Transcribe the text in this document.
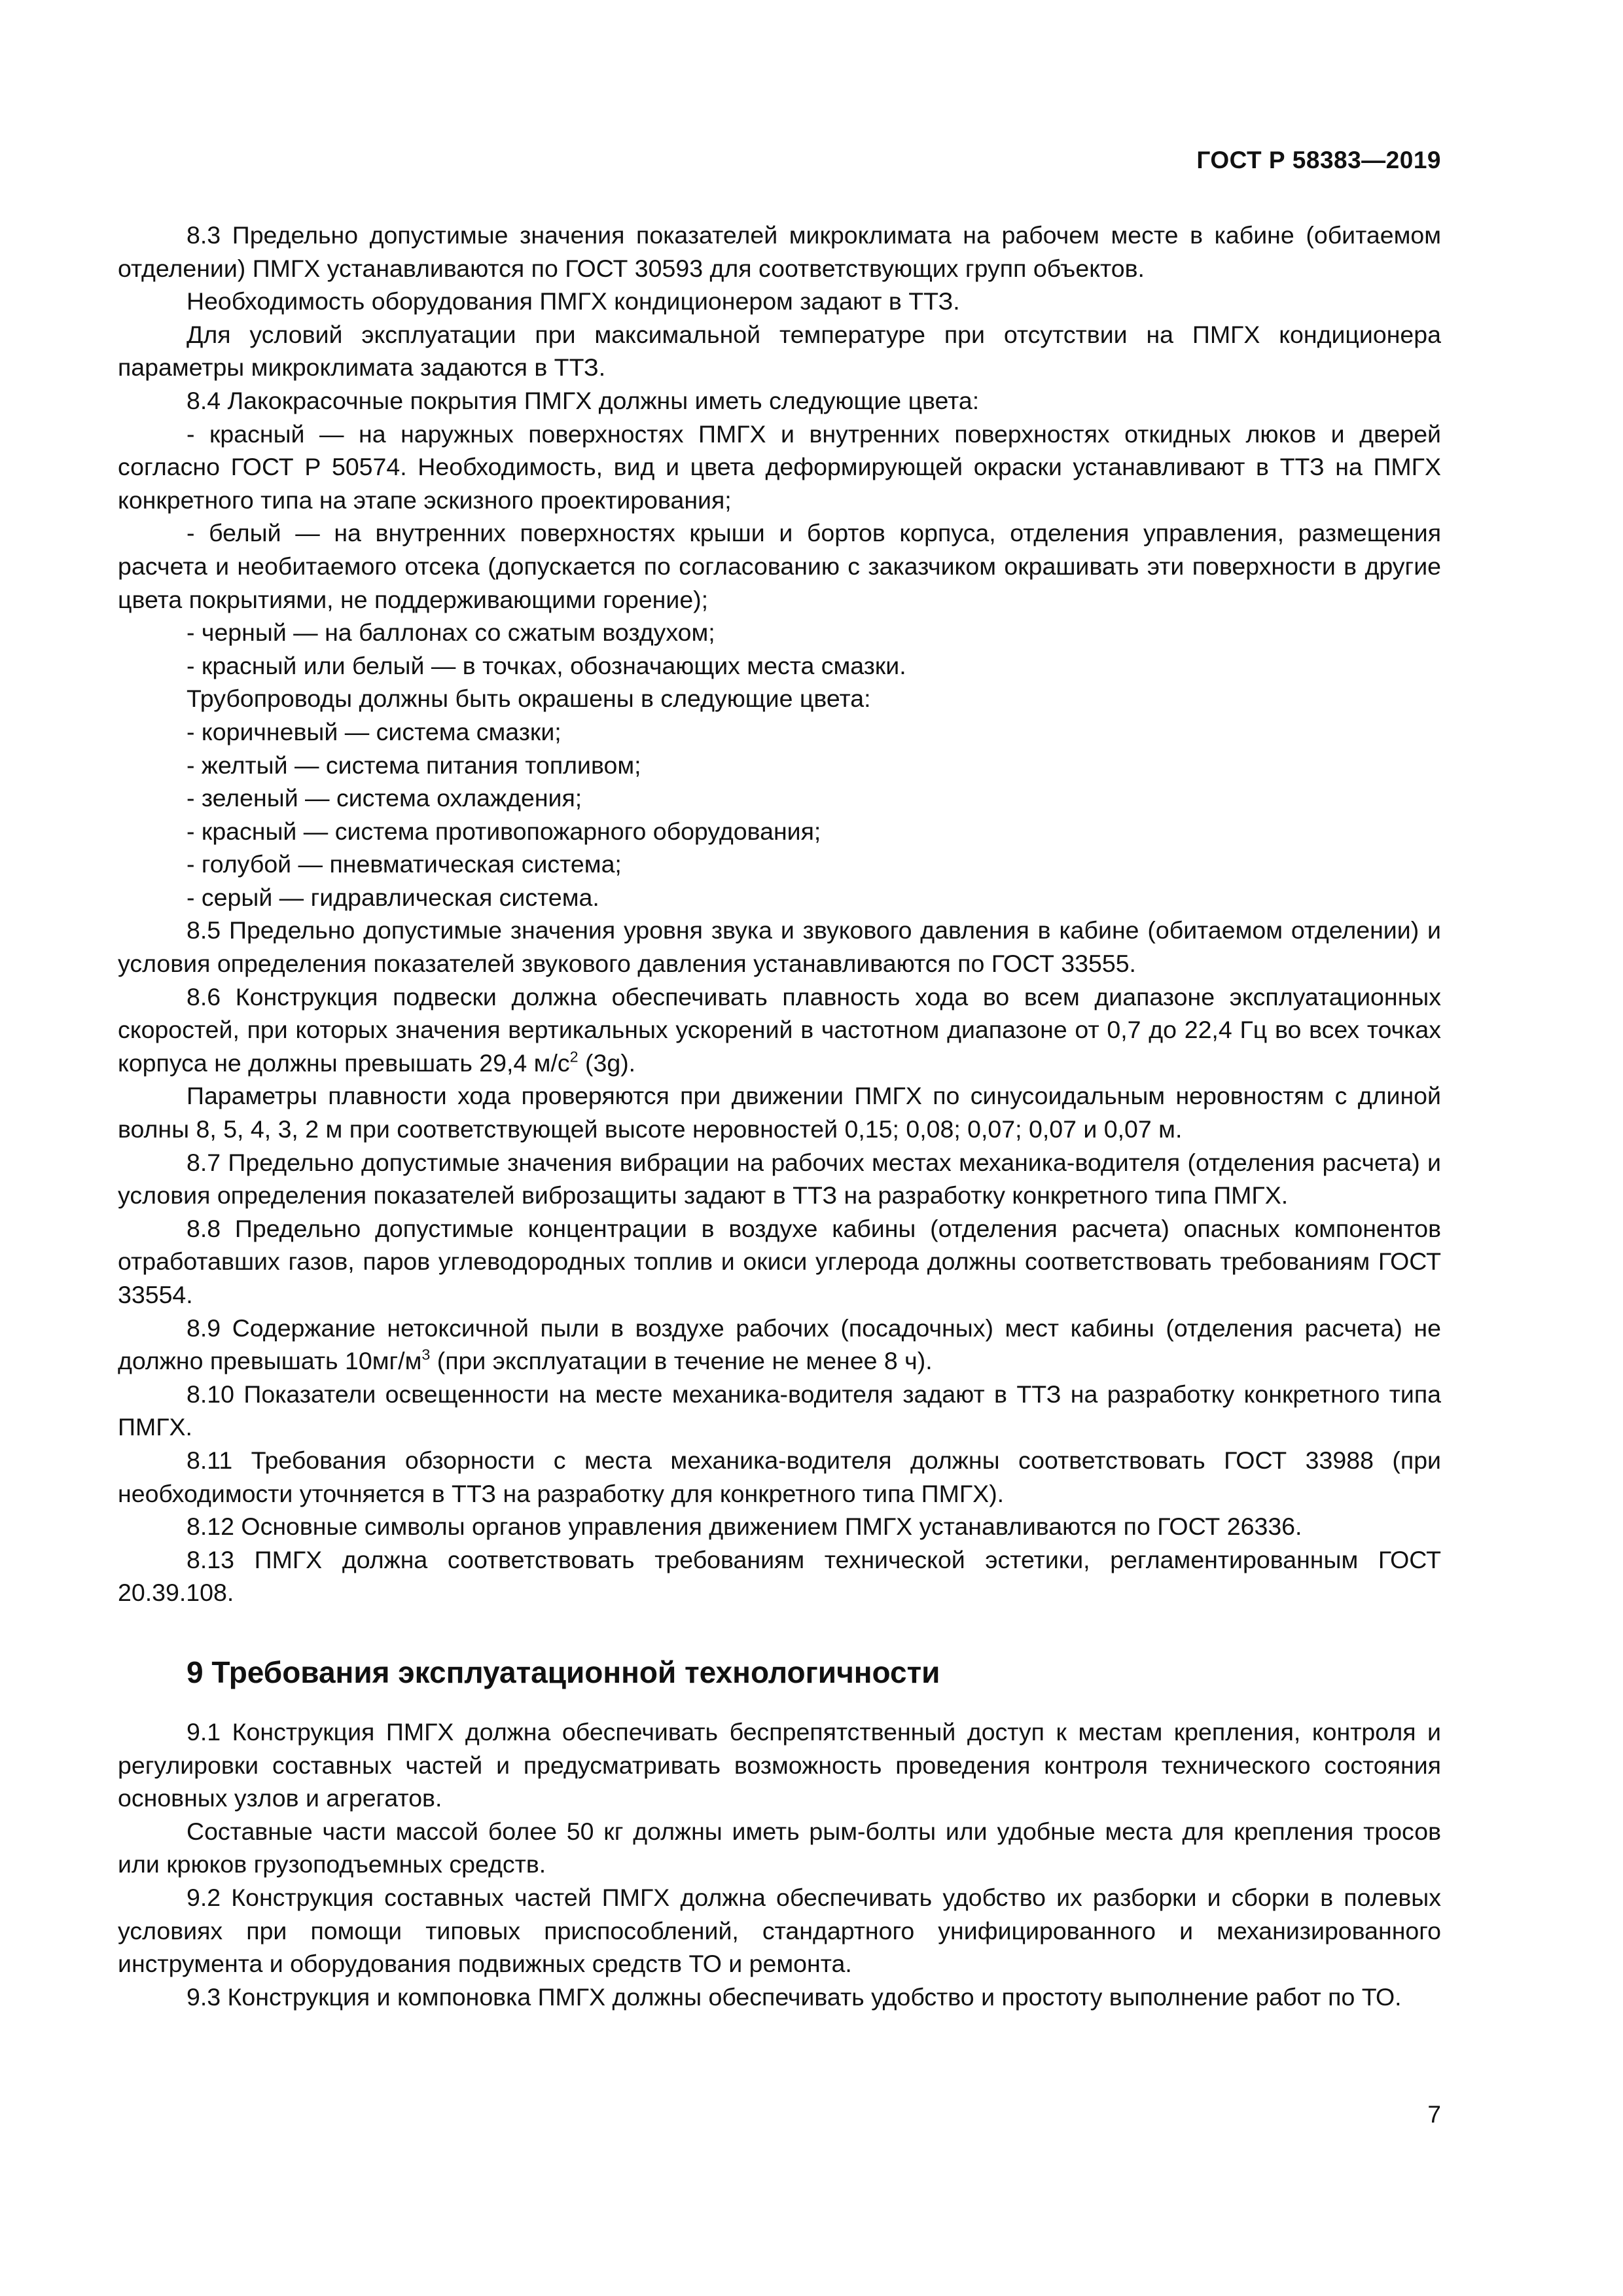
ГОСТ Р 58383—2019

8.3 Предельно допустимые значения показателей микроклимата на рабочем месте в кабине (обитаемом отделении) ПМГХ устанавливаются по ГОСТ 30593 для соответствующих групп объектов.

Необходимость оборудования ПМГХ кондиционером задают в ТТЗ.

Для условий эксплуатации при максимальной температуре при отсутствии на ПМГХ кондиционера параметры микроклимата задаются в ТТЗ.

8.4 Лакокрасочные покрытия ПМГХ должны иметь следующие цвета:

- красный — на наружных поверхностях ПМГХ и внутренних поверхностях откидных люков и дверей согласно ГОСТ Р 50574. Необходимость, вид и цвета деформирующей окраски устанавливают в ТТЗ на ПМГХ конкретного типа на этапе эскизного проектирования;

- белый — на внутренних поверхностях крыши и бортов корпуса, отделения управления, размещения расчета и необитаемого отсека (допускается по согласованию с заказчиком окрашивать эти поверхности в другие цвета покрытиями, не поддерживающими горение);

- черный — на баллонах со сжатым воздухом;

- красный или белый — в точках, обозначающих места смазки.

Трубопроводы должны быть окрашены в следующие цвета:

- коричневый — система смазки;

- желтый — система питания топливом;

- зеленый — система охлаждения;

- красный — система противопожарного оборудования;

- голубой — пневматическая система;

- серый — гидравлическая система.

8.5 Предельно допустимые значения уровня звука и звукового давления в кабине (обитаемом отделении) и условия определения показателей звукового давления устанавливаются по ГОСТ 33555.

8.6 Конструкция подвески должна обеспечивать плавность хода во всем диапазоне эксплуатационных скоростей, при которых значения вертикальных ускорений в частотном диапазоне от 0,7 до 22,4 Гц во всех точках корпуса не должны превышать 29,4 $м/с^2$ (3g).

Параметры плавности хода проверяются при движении ПМГХ по синусоидальным неровностям с длиной волны 8, 5, 4, 3, 2 м при соответствующей высоте неровностей 0,15; 0,08; 0,07; 0,07 и 0,07 м.

8.7 Предельно допустимые значения вибрации на рабочих местах механика-водителя (отделения расчета) и условия определения показателей виброзащиты задают в ТТЗ на разработку конкретного типа ПМГХ.

8.8 Предельно допустимые концентрации в воздухе кабины (отделения расчета) опасных компонентов отработавших газов, паров углеводородных топлив и окиси углерода должны соответствовать требованиям ГОСТ 33554.

8.9 Содержание нетоксичной пыли в воздухе рабочих (посадочных) мест кабины (отделения расчета) не должно превышать $10мг/м^3$ (при эксплуатации в течение не менее 8 ч).

8.10 Показатели освещенности на месте механика-водителя задают в ТТЗ на разработку конкретного типа ПМГХ.

8.11 Требования обзорности с места механика-водителя должны соответствовать ГОСТ 33988 (при необходимости уточняется в ТТЗ на разработку для конкретного типа ПМГХ).

8.12 Основные символы органов управления движением ПМГХ устанавливаются по ГОСТ 26336.

8.13 ПМГХ должна соответствовать требованиям технической эстетики, регламентированным ГОСТ 20.39.108.

9 Требования эксплуатационной технологичности

9.1 Конструкция ПМГХ должна обеспечивать беспрепятственный доступ к местам крепления, контроля и регулировки составных частей и предусматривать возможность проведения контроля технического состояния основных узлов и агрегатов.

Составные части массой более 50 кг должны иметь рым-болты или удобные места для крепления тросов или крюков грузоподъемных средств.

9.2 Конструкция составных частей ПМГХ должна обеспечивать удобство их разборки и сборки в полевых условиях при помощи типовых приспособлений, стандартного унифицированного и механизированного инструмента и оборудования подвижных средств ТО и ремонта.

9.3 Конструкция и компоновка ПМГХ должны обеспечивать удобство и простоту выполнение работ по ТО.

7
